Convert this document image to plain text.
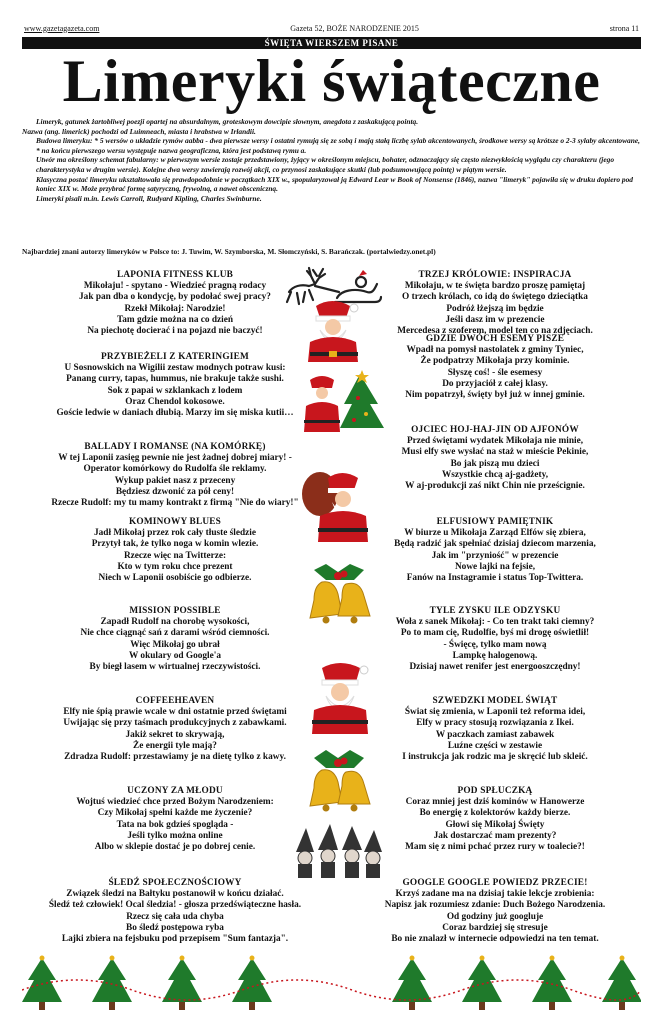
www.gazetagazeta.com	Gazeta 52, BOŻE NARODZENIE 2015	strona 11
ŚWIĘTA WIERSZEM PISANE
Limeryki świąteczne

Limeryk, gatunek żartobliwej poezji opartej na absurdalnym, groteskowym dowcipie słownym, anegdota z zaskakującą pointą.

Nazwa (ang. limerick) pochodzi od Luimneach, miasta i hrabstwa w Irlandii.

Budowa limeryku: * 5 wersów o układzie rymów aabba - dwa pierwsze wersy i ostatni rymują się ze sobą i mają stałą liczbę sylab akcentowanych, środkowe wersy są krótsze o 2-3 sylaby akcentowane,

* na końcu pierwszego wersu występuje nazwa geograficzna, która jest podstawą rymu a.

Utwór ma określony schemat fabularny: w pierwszym wersie zostaje przedstawiony, żyjący w określonym miejscu, bohater, odznaczający się często niezwykłością wyglądu czy charakteru (jego charakterystyka w drugim wersie). Kolejne dwa wersy zawierają rozwój akcji, co przynosi zaskakujące skutki (lub podsumowującą pointę) w piątym wersie.

Klasyczna postać limeryku ukształtowała się prawdopodobnie w początkach XIX w., spopularyzował ją Edward Lear w Book of Nonsense (1846), nazwa "limeryk" pojawiła się w druku dopiero pod koniec XIX w. Może przybrać formę satyryczną, frywolną, a nawet obsceniczną.

Limeryki pisali m.in. Lewis Carroll, Rudyard Kipling, Charles Swinburne.

Najbardziej znani autorzy limeryków w Polsce to: J. Tuwim, W. Szymborska, M. Słomczyński, S. Barańczak. (portalwiedzy.onet.pl)
LAPONIA FITNESS KLUB
Mikołaju! - spytano - Wiedzieć pragną rodacy
Jak pan dba o kondycję, by podołać swej pracy?
Rzekł Mikołaj: Narodzie!
Tam gdzie można na co dzień
Na piechotę docierać i na pojazd nie baczyć!
PRZYBIEŻELI Z KATERINGIEM
U Sosnowskich na Wigilii zestaw modnych potraw kusi:
Panang curry, tapas, hummus, nie brakuje także sushi.
Sok z papai w szklankach z lodem
Oraz Chendol kokosowe.
Goście ledwie w daniach dłubią. Marzy im się miska kutii…
BALLADY I ROMANSE (NA KOMÓRKĘ)
W tej Laponii zasięg pewnie nie jest żadnej dobrej miary! -
Operator komórkowy do Rudolfa śle reklamy.
Wykup pakiet nasz z przeceny
Będziesz dzwonić za pół ceny!
Rzecze Rudolf: my tu mamy kontrakt z firmą "Nie do wiary!"
KOMINOWY BLUES
Jadł Mikołaj przez rok cały tłuste śledzie
Przytył tak, że tylko noga w komin wlezie.
Rzecze więc na Twitterze:
Kto w tym roku chce prezent
Niech w Laponii osobiście go odbierze.
MISSION POSSIBLE
Zapadł Rudolf na chorobę wysokości,
Nie chce ciągnąć sań z darami wśród ciemności.
Więc Mikołaj go ubrał
W okulary od Google'a
By biegł lasem w wirtualnej rzeczywistości.
COFFEEHEAVEN
Elfy nie śpią prawie wcale w dni ostatnie przed świętami
Uwijając się przy taśmach produkcyjnych z zabawkami.
Jakiż sekret to skrywają,
Że energii tyle mają?
Zdradza Rudolf: przestawiamy je na dietę tylko z kawy.
UCZONY ZA MŁODU
Wojtuś wiedzieć chce przed Bożym Narodzeniem:
Czy Mikołaj spełni każde me życzenie?
Tata na bok gdzieś spogląda -
Jeśli tylko można online
Albo w sklepie dostać je po dobrej cenie.
ŚLEDŹ SPOŁECZNOŚCIOWY
Związek śledzi na Bałtyku postanowił w końcu działać.
Śledź też człowiek! Ocal śledzia! - głosza przedświąteczne hasła.
Rzecz się cała uda chyba
Bo śledź postępowa ryba
Lajki zbiera na fejsbuku pod przepisem "Sum fantazja".
TRZEJ KRÓLOWIE: INSPIRACJA
Mikołaju, w te święta bardzo proszę pamiętaj
O trzech królach, co idą do świętego dzieciątka
Podróż łżejszą im będzie
Jeśli dasz im w prezencie
Mercedesa z szoferem, model ten co na zdjęciach.
GDZIE DWÓCH ESEMY PISZE
Wpadł na pomysł nastolatek z gminy Tyniec,
Że podpatrzy Mikołaja przy kominie.
Słyszę coś! - śle esemesy
Do przyjaciół z całej klasy.
Nim popatrzył, święty był już w innej gminie.
OJCIEC HOJ-HAJ-JIN OD AJFONÓW
Przed świętami wydatek Mikołaja nie minie,
Musi elfy swe wysłać na staż w mieście Pekinie,
Bo jak piszą mu dzieci
Wszystkie chcą aj-gadżety,
W aj-produkcji zaś nikt Chin nie prześcignie.
ELFUSIOWY PAMIĘTNIK
W biurze u Mikołaja Zarząd Elfów się zbiera,
Będą radzić jak spełniać dzisiaj dziecom marzenia,
Jak im "przyniość" w prezencie
Nowe lajki na fejsie,
Fanów na Instagramie i status Top-Twittera.
TYLE ZYSKU ILE ODZYSKU
Woła z sanek Mikołaj: - Co ten trakt taki ciemny?
Po to mam cię, Rudolfie, byś mi drogę oświetlił!
- Święcę, tylko mam nową
Lampkę halogenową.
Dzisiaj nawet renifer jest energooszczędny!
SZWEDZKI MODEL ŚWIĄT
Świat się zmienia, w Laponii też reforma idei,
Elfy w pracy stosują rozwiązania z Ikei.
W paczkach zamiast zabawek
Luźne części w zestawie
I instrukcja jak rodzic ma je skręcić lub skleić.
POD SPŁUCZKĄ
Coraz mniej jest dziś kominów w Hanowerze
Bo energię z kolektorów każdy bierze.
Głowi się Mikołaj Święty
Jak dostarczać mam prezenty?
Mam się z nimi pchać przez rury w toalecie?!
GOOGLE GOOGLE POWIEDZ PRZECIE!
Krzyś zadane ma na dzisiaj takie lekcje zrobienia:
Napisz jak rozumiesz zdanie: Duch Bożego Narodzenia.
Od godziny już googluje
Coraz bardziej się stresuje
Bo nie znalazł w internecie odpowiedzi na ten temat.
